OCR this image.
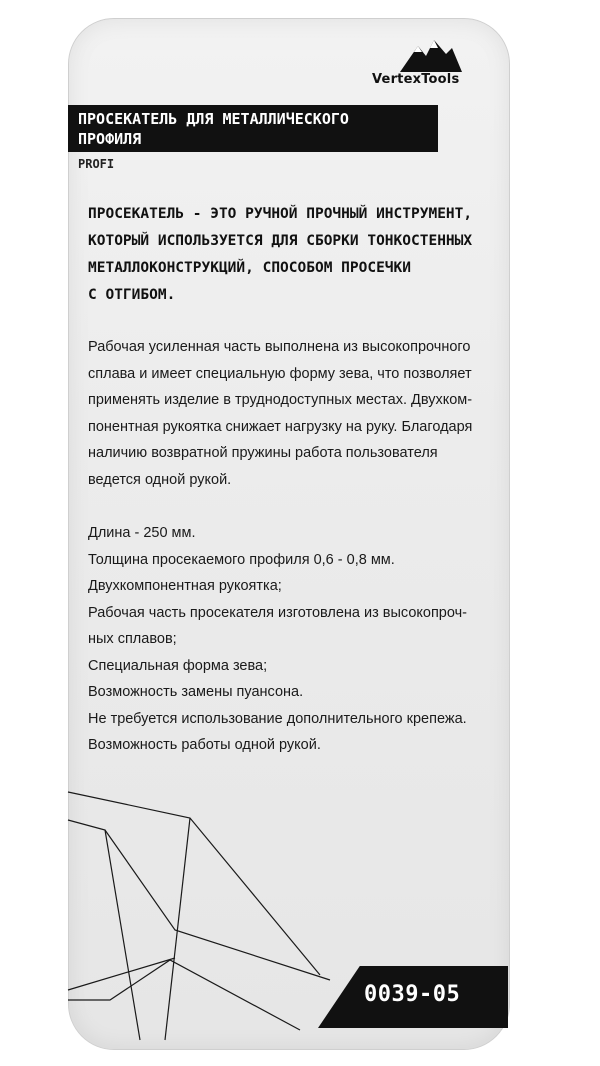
VertexTools
ПРОСЕКАТЕЛЬ ДЛЯ МЕТАЛЛИЧЕСКОГО
ПРОФИЛЯ
PROFI
ПРОСЕКАТЕЛЬ - ЭТО РУЧНОЙ ПРОЧНЫЙ ИНСТРУМЕНТ,
КОТОРЫЙ ИСПОЛЬЗУЕТСЯ ДЛЯ СБОРКИ ТОНКОСТЕННЫХ
МЕТАЛЛОКОНСТРУКЦИЙ, СПОСОБОМ ПРОСЕЧКИ
С ОТГИБОМ.
Рабочая усиленная часть выполнена из высокопрочного
сплава и имеет специальную форму зева, что позволяет
применять изделие в труднодоступных местах. Двухком-
понентная рукоятка снижает нагрузку на руку. Благодаря
наличию возвратной пружины работа пользователя
ведется одной рукой.
Длина - 250 мм.
Толщина просекаемого профиля 0,6 - 0,8 мм.
Двухкомпонентная рукоятка;
Рабочая часть просекателя изготовлена из высокопроч-
ных сплавов;
Специальная форма зева;
Возможность замены пуансона.
Не требуется использование дополнительного крепежа.
Возможность работы одной рукой.
0039-05
